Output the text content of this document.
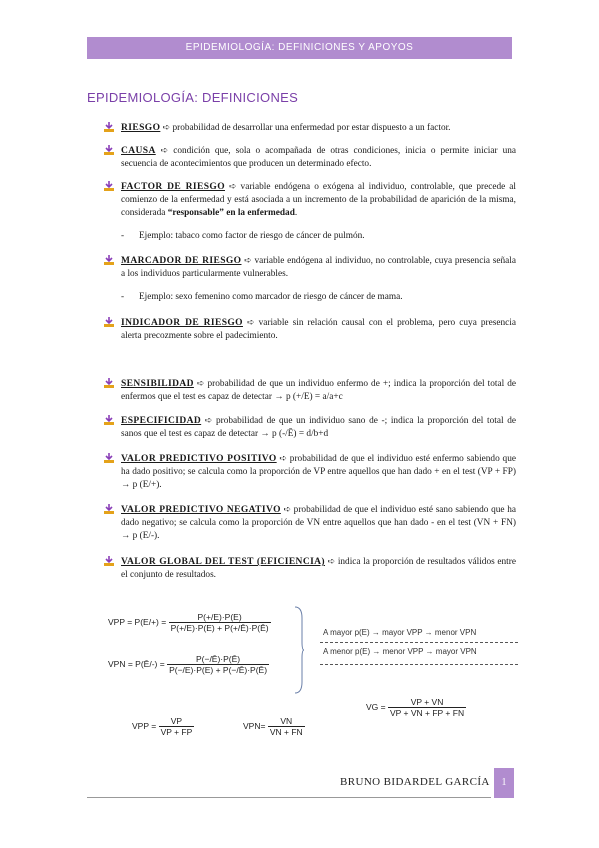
EPIDEMIOLOGÍA: DEFINICIONES Y APOYOS
EPIDEMIOLOGÍA: DEFINICIONES
RIESGO ➪ probabilidad de desarrollar una enfermedad por estar dispuesto a un factor.
CAUSA ➪ condición que, sola o acompañada de otras condiciones, inicia o permite iniciar una secuencia de acontecimientos que producen un determinado efecto.
FACTOR DE RIESGO ➪ variable endógena o exógena al individuo, controlable, que precede al comienzo de la enfermedad y está asociada a un incremento de la probabilidad de aparición de la misma, considerada “responsable” en la enfermedad.
- Ejemplo: tabaco como factor de riesgo de cáncer de pulmón.
MARCADOR DE RIESGO ➪ variable endógena al individuo, no controlable, cuya presencia señala a los individuos particularmente vulnerables.
- Ejemplo: sexo femenino como marcador de riesgo de cáncer de mama.
INDICADOR DE RIESGO ➪ variable sin relación causal con el problema, pero cuya presencia alerta precozmente sobre el padecimiento.
SENSIBILIDAD ➪ probabilidad de que un individuo enfermo de +; indica la proporción del total de enfermos que el test es capaz de detectar → p (+/E) = a/a+c
ESPECIFICIDAD ➪ probabilidad de que un individuo sano de -; indica la proporción del total de sanos que el test es capaz de detectar → p (-/Ē) = d/b+d
VALOR PREDICTIVO POSITIVO ➪ probabilidad de que el individuo esté enfermo sabiendo que ha dado positivo; se calcula como la proporción de VP entre aquellos que han dado + en el test (VP + FP) → p (E/+).
VALOR PREDICTIVO NEGATIVO ➪ probabilidad de que el individuo esté sano sabiendo que ha dado negativo; se calcula como la proporción de VN entre aquellos que han dado - en el test (VN + FN) → p (E/-).
VALOR GLOBAL DEL TEST (EFICIENCIA) ➪ indica la proporción de resultados válidos entre el conjunto de resultados.
VPP = $P(E/+) = \frac{P(+/E)\cdot P(E)}{P(+/E)\cdot P(E) + P(+/Ē)\cdot P(Ē)}$
VPN = P(Ē/-) = $\frac{P(-/Ē)\cdot P(Ē)}{P(-/E)\cdot P(E) + P(-/Ē)\cdot P(Ē)}$
A mayor p(E) → mayor VPP → menor VPN
A menor p(E) → menor VPP → mayor VPN
VG = $\frac{VP + VN}{VP + VN + FP + FN}$
VPP = $\frac{VP}{VP + FP}$	$VPN= \frac{VN}{VN + FN}$
BRUNO BIDARDEL GARCÍA	1
